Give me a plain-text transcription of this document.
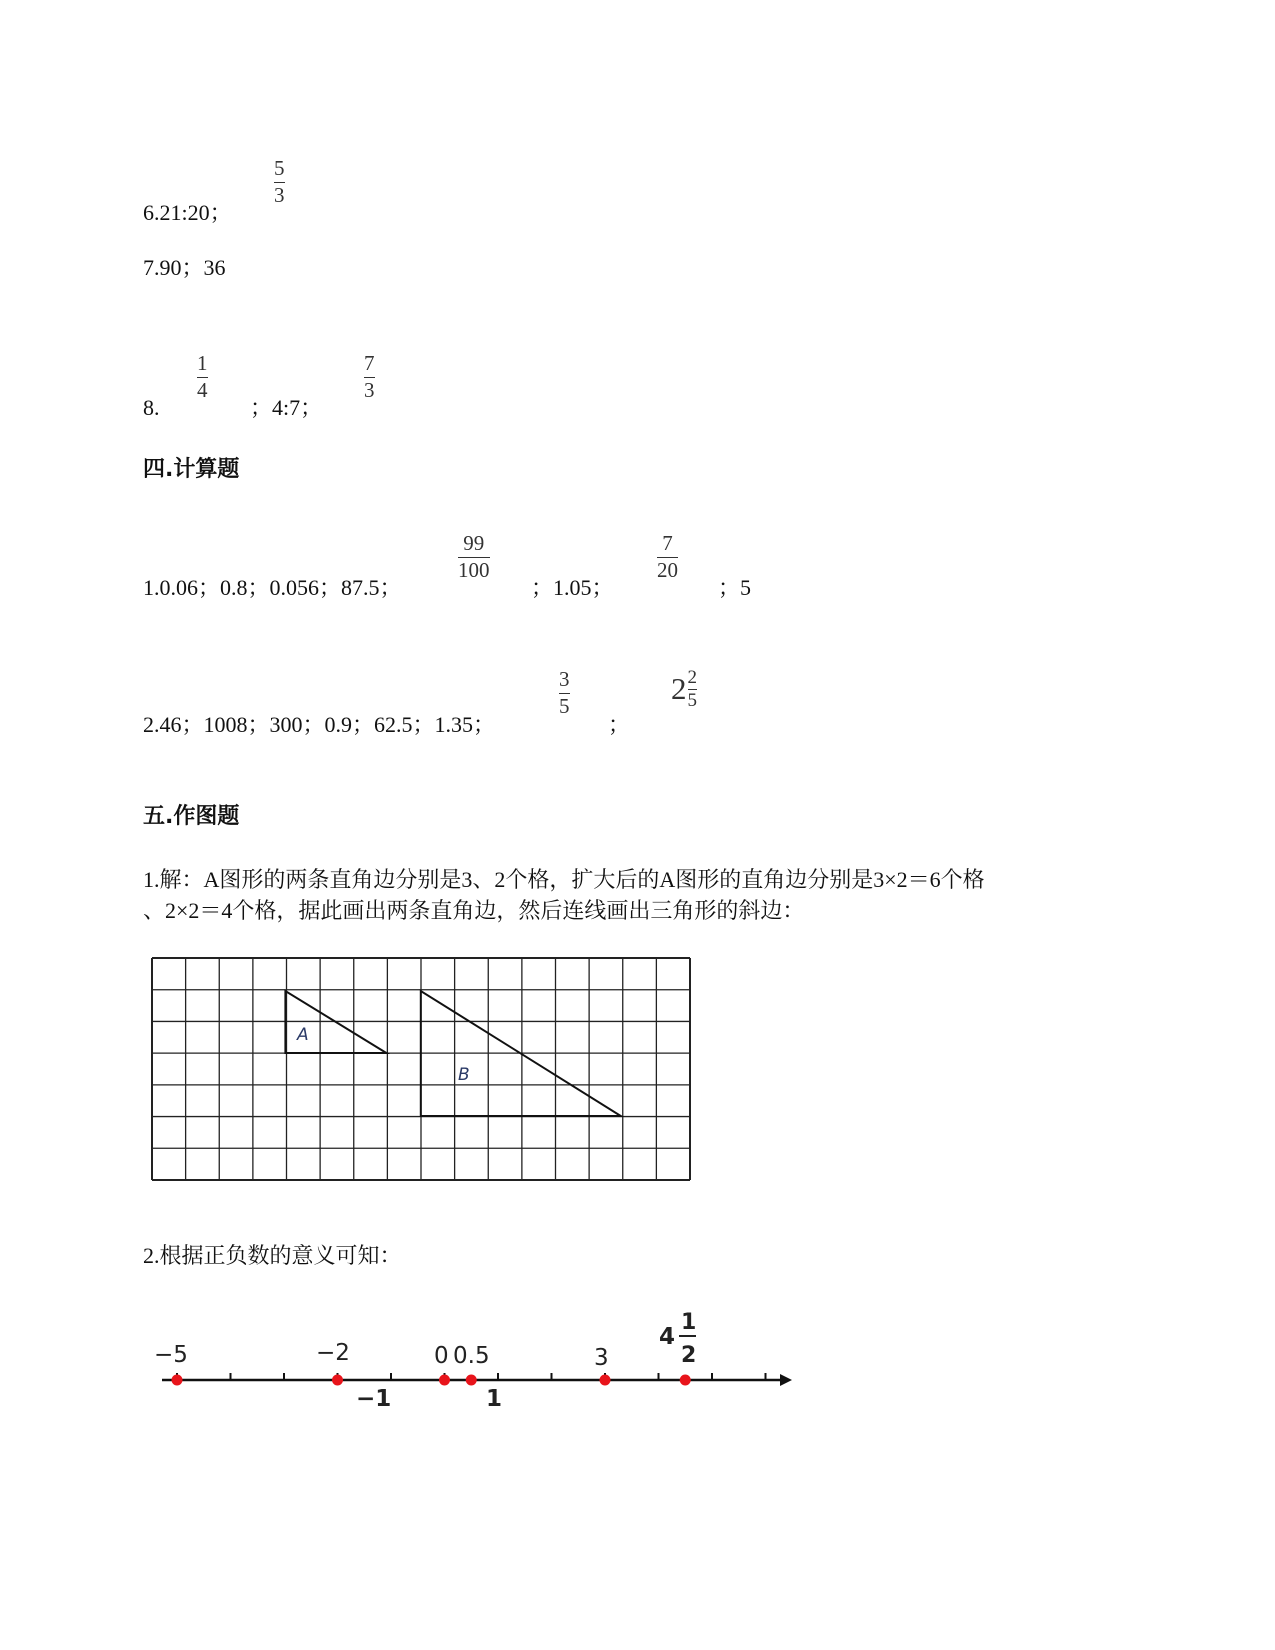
5
3
6.21:20；
7.90；36
8.
1
4
；4:7；
7
3
四.计算题
1.0.06；0.8；0.056；87.5；
99
100
；1.05；
7
20
；5
2.46；1008；300；0.9；62.5；1.35；
3
5
；
$2 \frac{2}{5}$
五.作图题
1.解：A图形的两条直角边分别是3、2个格，扩大后的A图形的直角边分别是3×2＝6个格
、2×2＝4个格，据此画出两条直角边，然后连线画出三角形的斜边：
A
B
2.根据正负数的意义可知：
−5	−2	0 0.5	3
−1	1
4
1
2
